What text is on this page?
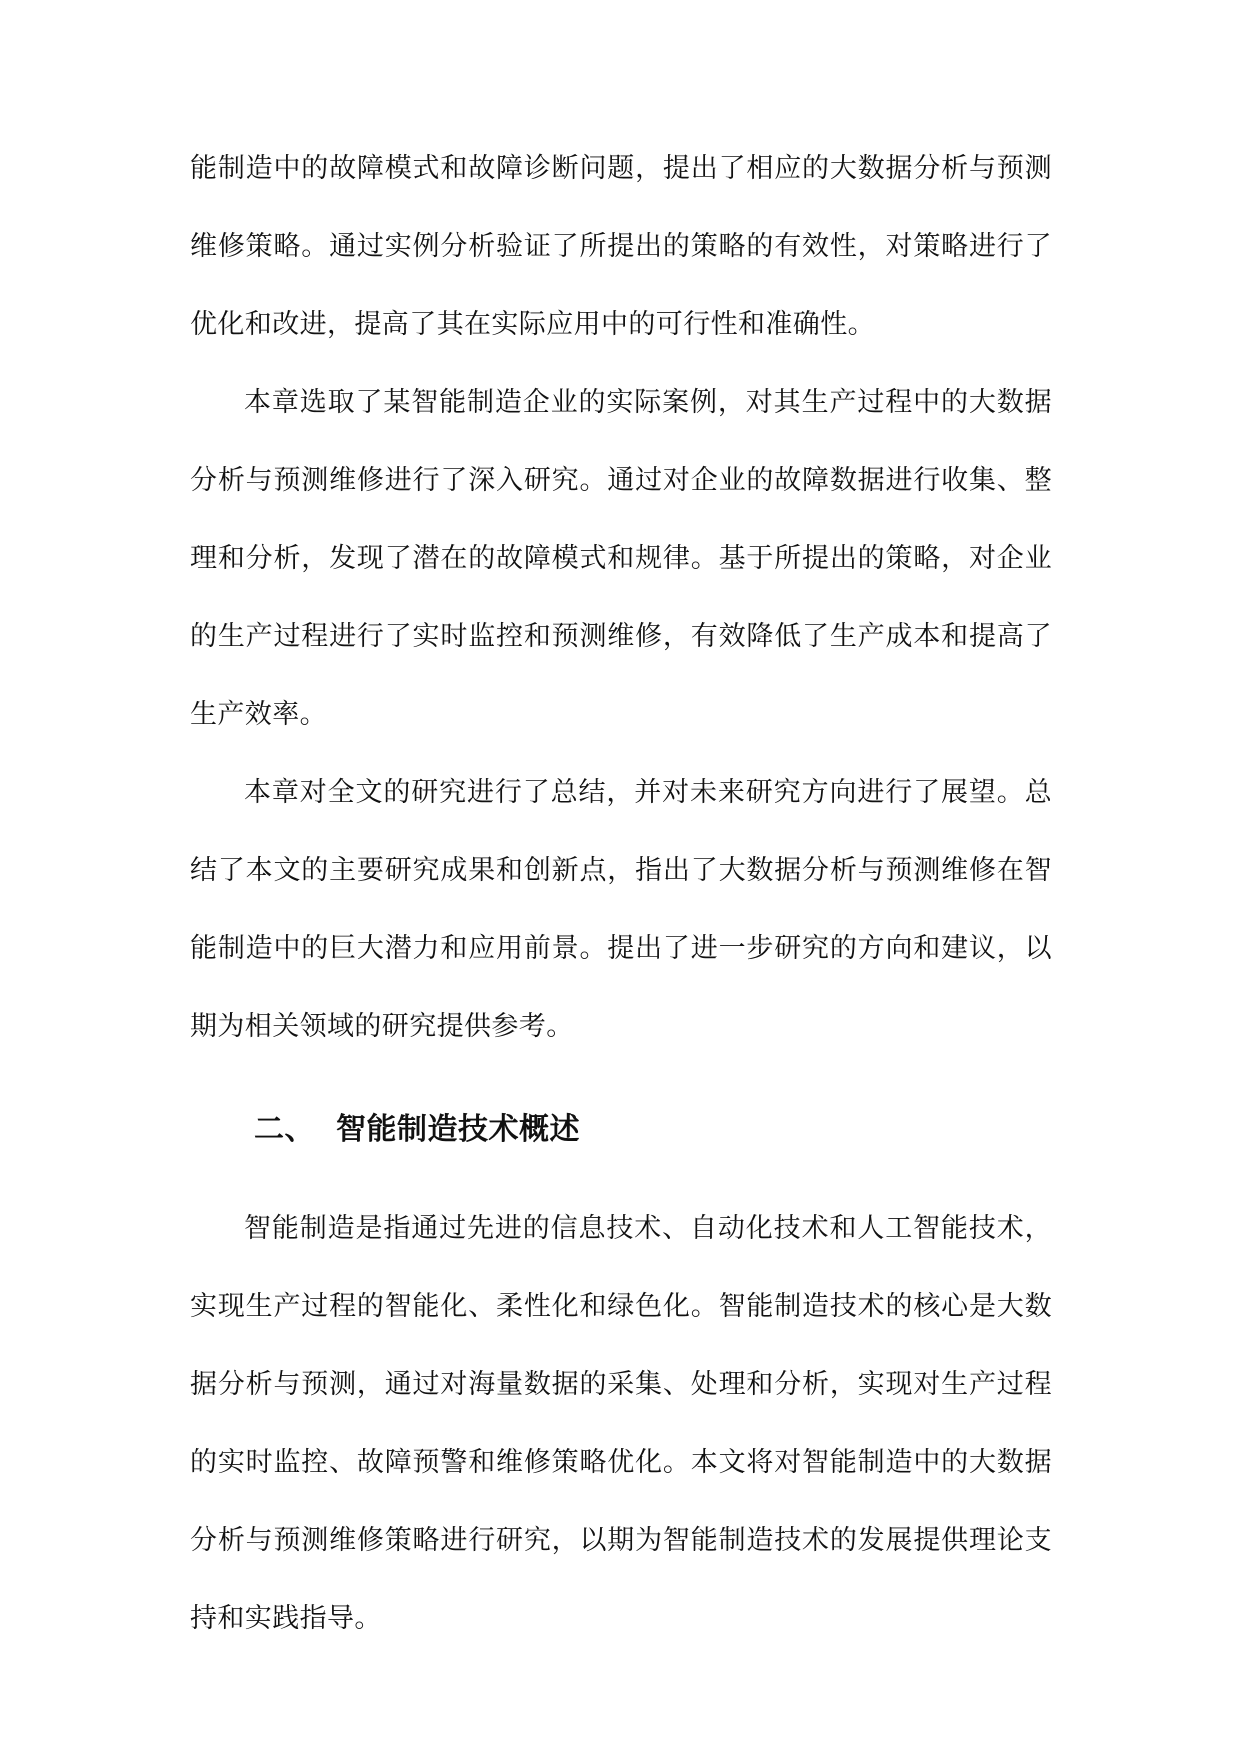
能制造中的故障模式和故障诊断问题，提出了相应的大数据分析与预测维修策略。通过实例分析验证了所提出的策略的有效性，对策略进行了优化和改进，提高了其在实际应用中的可行性和准确性。

本章选取了某智能制造企业的实际案例，对其生产过程中的大数据分析与预测维修进行了深入研究。通过对企业的故障数据进行收集、整理和分析，发现了潜在的故障模式和规律。基于所提出的策略，对企业的生产过程进行了实时监控和预测维修，有效降低了生产成本和提高了生产效率。

本章对全文的研究进行了总结，并对未来研究方向进行了展望。总结了本文的主要研究成果和创新点，指出了大数据分析与预测维修在智能制造中的巨大潜力和应用前景。提出了进一步研究的方向和建议，以期为相关领域的研究提供参考。

二、 智能制造技术概述

智能制造是指通过先进的信息技术、自动化技术和人工智能技术，实现生产过程的智能化、柔性化和绿色化。智能制造技术的核心是大数据分析与预测，通过对海量数据的采集、处理和分析，实现对生产过程的实时监控、故障预警和维修策略优化。本文将对智能制造中的大数据分析与预测维修策略进行研究，以期为智能制造技术的发展提供理论支持和实践指导。
